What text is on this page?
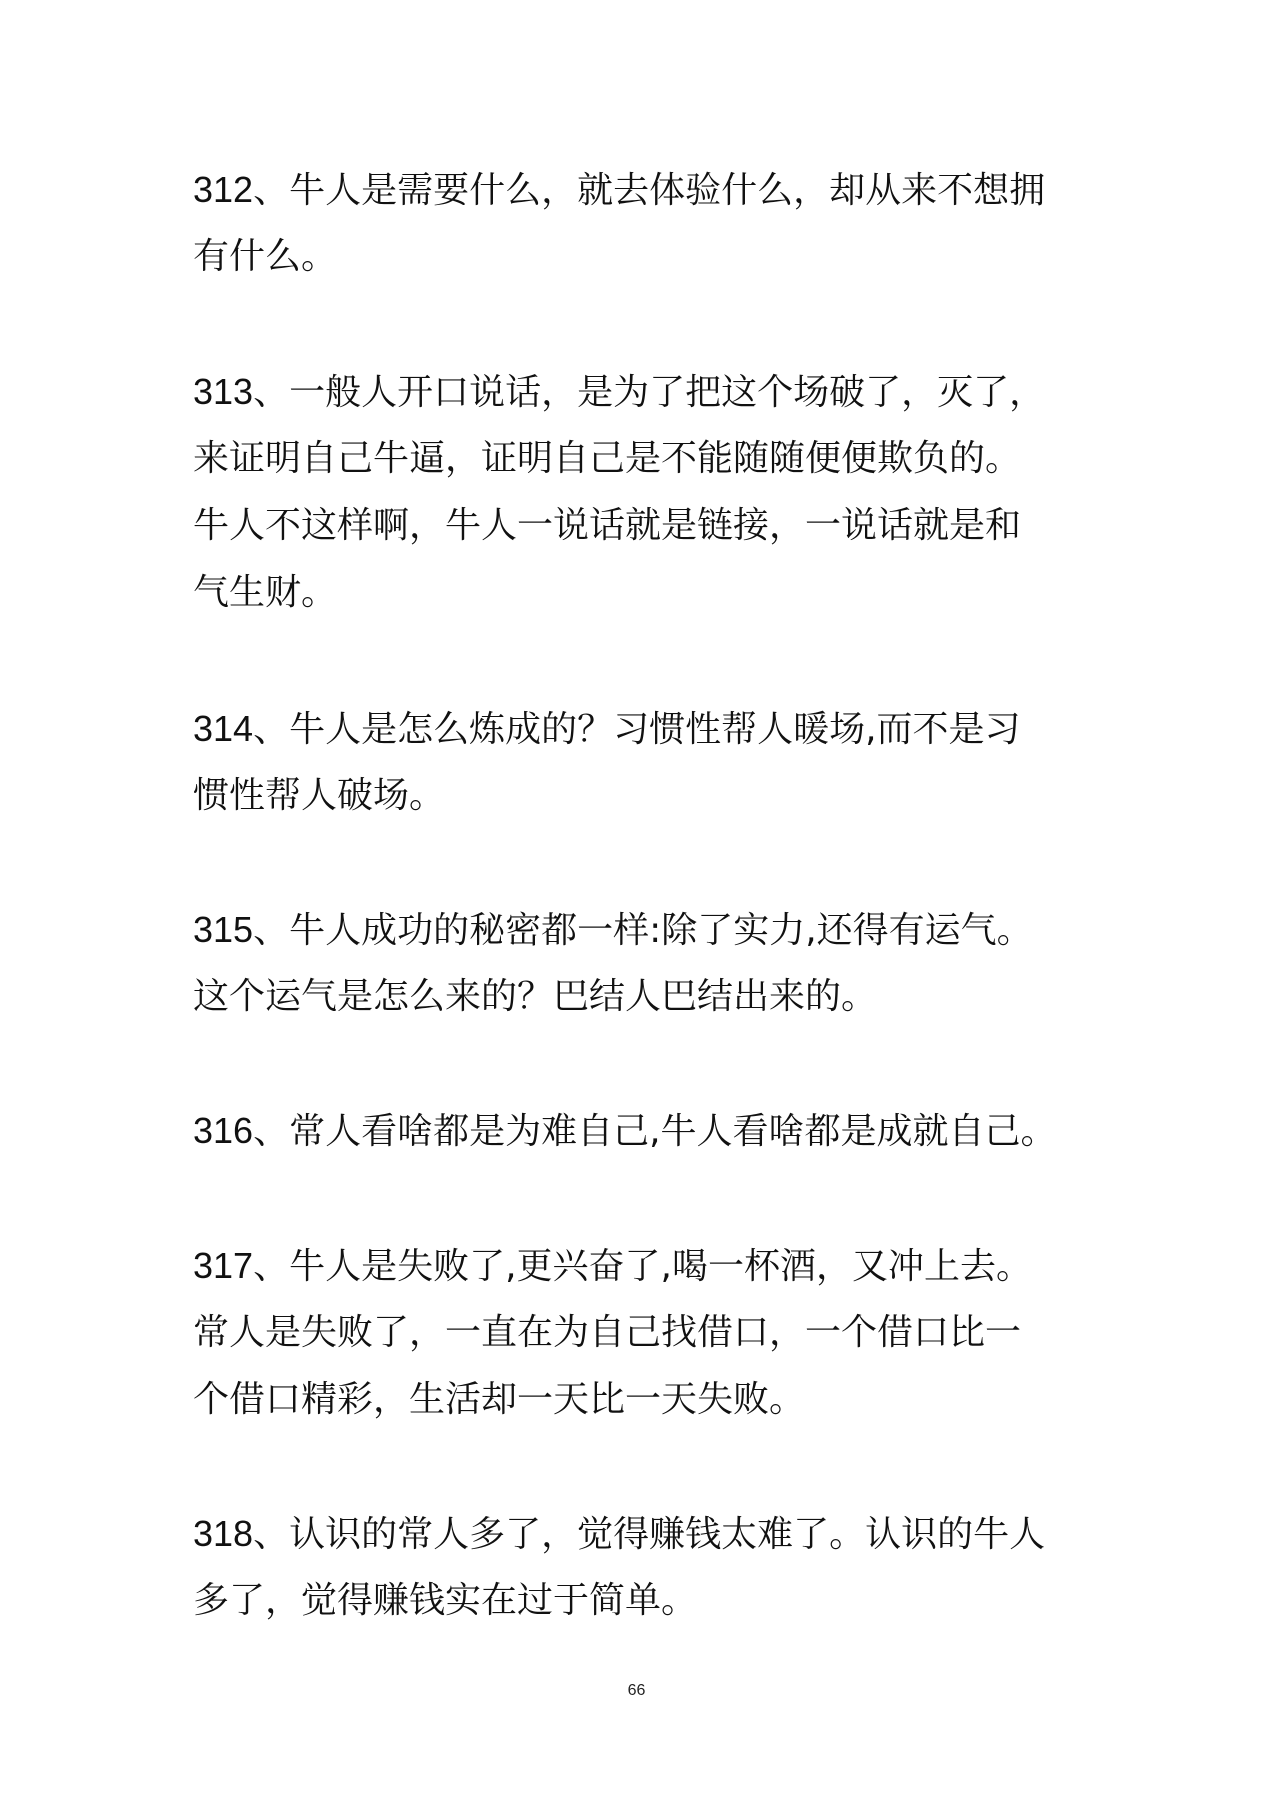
312、牛人是需要什么，就去体验什么，却从来不想拥
有什么。
313、一般人开口说话，是为了把这个场破了，灭了，
来证明自己牛逼，证明自己是不能随随便便欺负的。
牛人不这样啊，牛人一说话就是链接，一说话就是和
气生财。
314、牛人是怎么炼成的？习惯性帮人暖场,而不是习
惯性帮人破场。
315、牛人成功的秘密都一样:除了实力,还得有运气。
这个运气是怎么来的？巴结人巴结出来的。
316、常人看啥都是为难自己,牛人看啥都是成就自己。
317、牛人是失败了,更兴奋了,喝一杯酒，又冲上去。
常人是失败了，一直在为自己找借口，一个借口比一
个借口精彩，生活却一天比一天失败。
318、认识的常人多了，觉得赚钱太难了。认识的牛人
多了，觉得赚钱实在过于简单。
66
